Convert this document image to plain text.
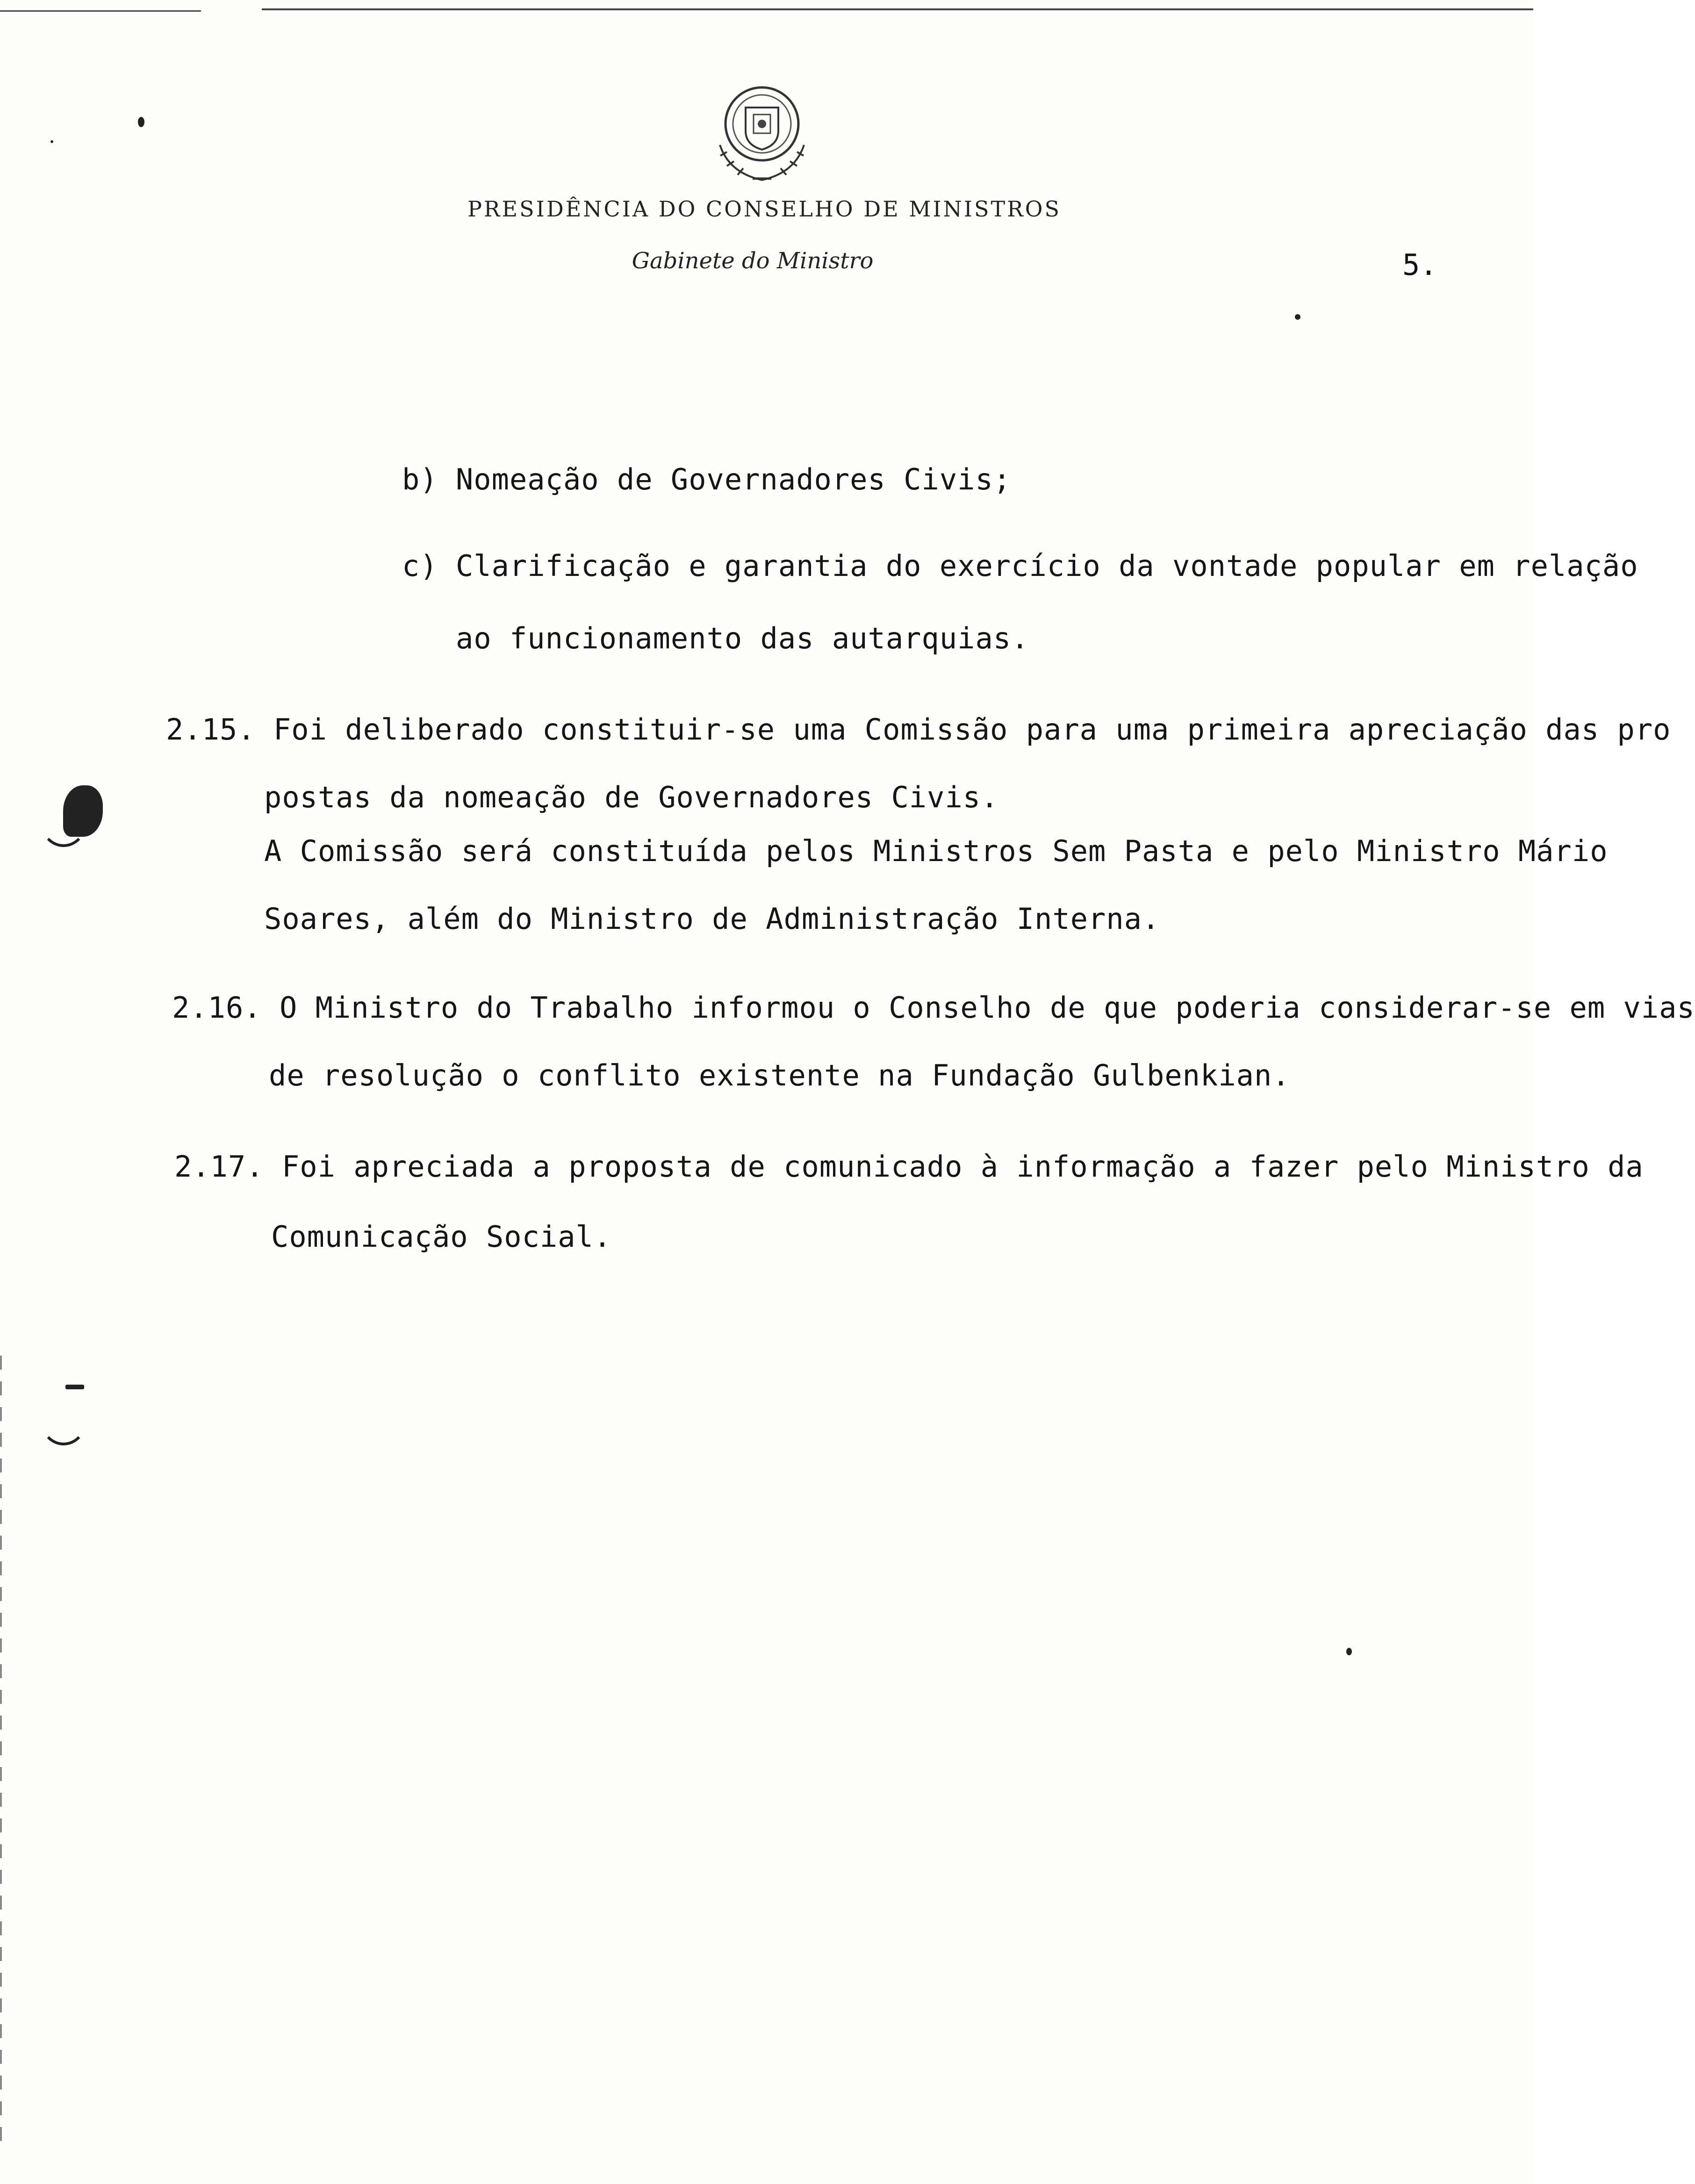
PRESIDÊNCIA DO CONSELHO DE MINISTROS
Gabinete do Ministro	5.
b) Nomeação de Governadores Civis;
c) Clarificação e garantia do exercício da vontade popular em relação
ao funcionamento das autarquias.
2.15. Foi deliberado constituir-se uma Comissão para uma primeira apreciação das pro
postas da nomeação de Governadores Civis.
A Comissão será constituída pelos Ministros Sem Pasta e pelo Ministro Mário
Soares, além do Ministro de Administração Interna.
2.16. O Ministro do Trabalho informou o Conselho de que poderia considerar-se em vias
de resolução o conflito existente na Fundação Gulbenkian.
2.17. Foi apreciada a proposta de comunicado à informação a fazer pelo Ministro da
Comunicação Social.
